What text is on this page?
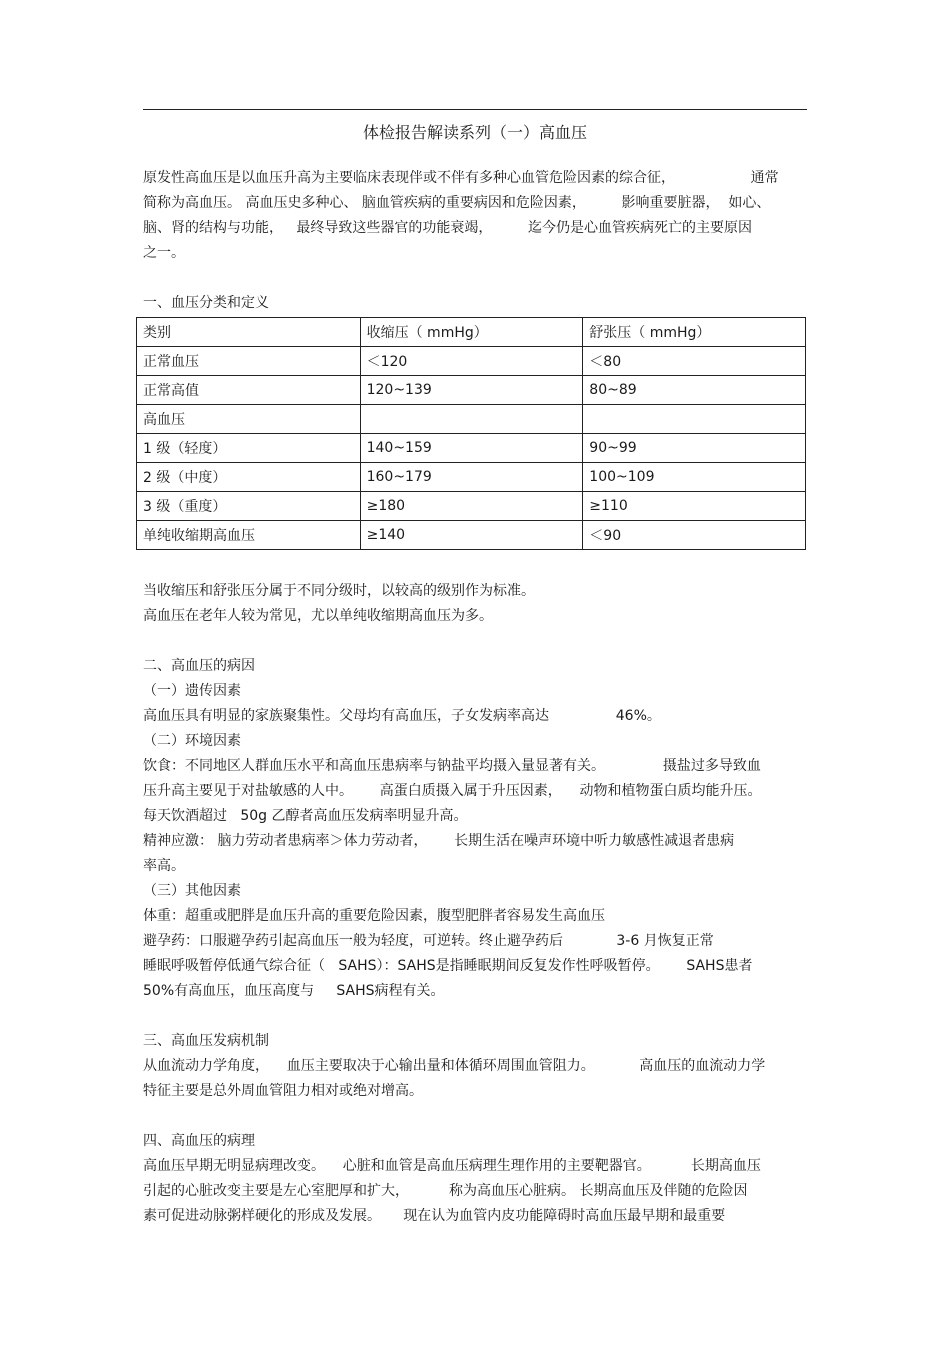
体检报告解读系列（一）高血压
原发性高血压是以血压升高为主要临床表现伴或不伴有多种心血管危险因素的综合征，                 通常
简称为高血压。 高血压史多种心、 脑血管疾病的重要病因和危险因素，        影响重要脏器，  如心、
脑、肾的结构与功能，   最终导致这些器官的功能衰竭，        迄今仍是心血管疾病死亡的主要原因
之一。
一、血压分类和定义
类别	收缩压（ mmHg）	舒张压（ mmHg）
正常血压	＜120	＜80
正常高值	120~139	80~89
高血压		
1 级（轻度）	140~159	90~99
2 级（中度）	160~179	100~109
3 级（重度）	≥180	≥110
单纯收缩期高血压	≥140	＜90
当收缩压和舒张压分属于不同分级时，以较高的级别作为标准。
高血压在老年人较为常见，尤以单纯收缩期高血压为多。
二、高血压的病因
（一）遗传因素
高血压具有明显的家族聚集性。父母均有高血压，子女发病率高达               46%。
（二）环境因素
饮食：不同地区人群血压水平和高血压患病率与钠盐平均摄入量显著有关。             摄盐过多导致血
压升高主要见于对盐敏感的人中。      高蛋白质摄入属于升压因素，    动物和植物蛋白质均能升压。
每天饮酒超过   50g 乙醇者高血压发病率明显升高。
精神应激： 脑力劳动者患病率＞体力劳动者，      长期生活在噪声环境中听力敏感性减退者患病
率高。
（三）其他因素
体重：超重或肥胖是血压升高的重要危险因素，腹型肥胖者容易发生高血压
避孕药：口服避孕药引起高血压一般为轻度，可逆转。终止避孕药后            3-6 月恢复正常
睡眠呼吸暂停低通气综合征（   SAHS）：SAHS是指睡眠期间反复发作性呼吸暂停。      SAHS患者
50%有高血压，血压高度与     SAHS病程有关。
三、高血压发病机制
从血流动力学角度，    血压主要取决于心输出量和体循环周围血管阻力。          高血压的血流动力学
特征主要是总外周血管阻力相对或绝对增高。
四、高血压的病理
高血压早期无明显病理改变。    心脏和血管是高血压病理生理作用的主要靶器官。         长期高血压
引起的心脏改变主要是左心室肥厚和扩大，         称为高血压心脏病。 长期高血压及伴随的危险因
素可促进动脉粥样硬化的形成及发展。     现在认为血管内皮功能障碍时高血压最早期和最重要
